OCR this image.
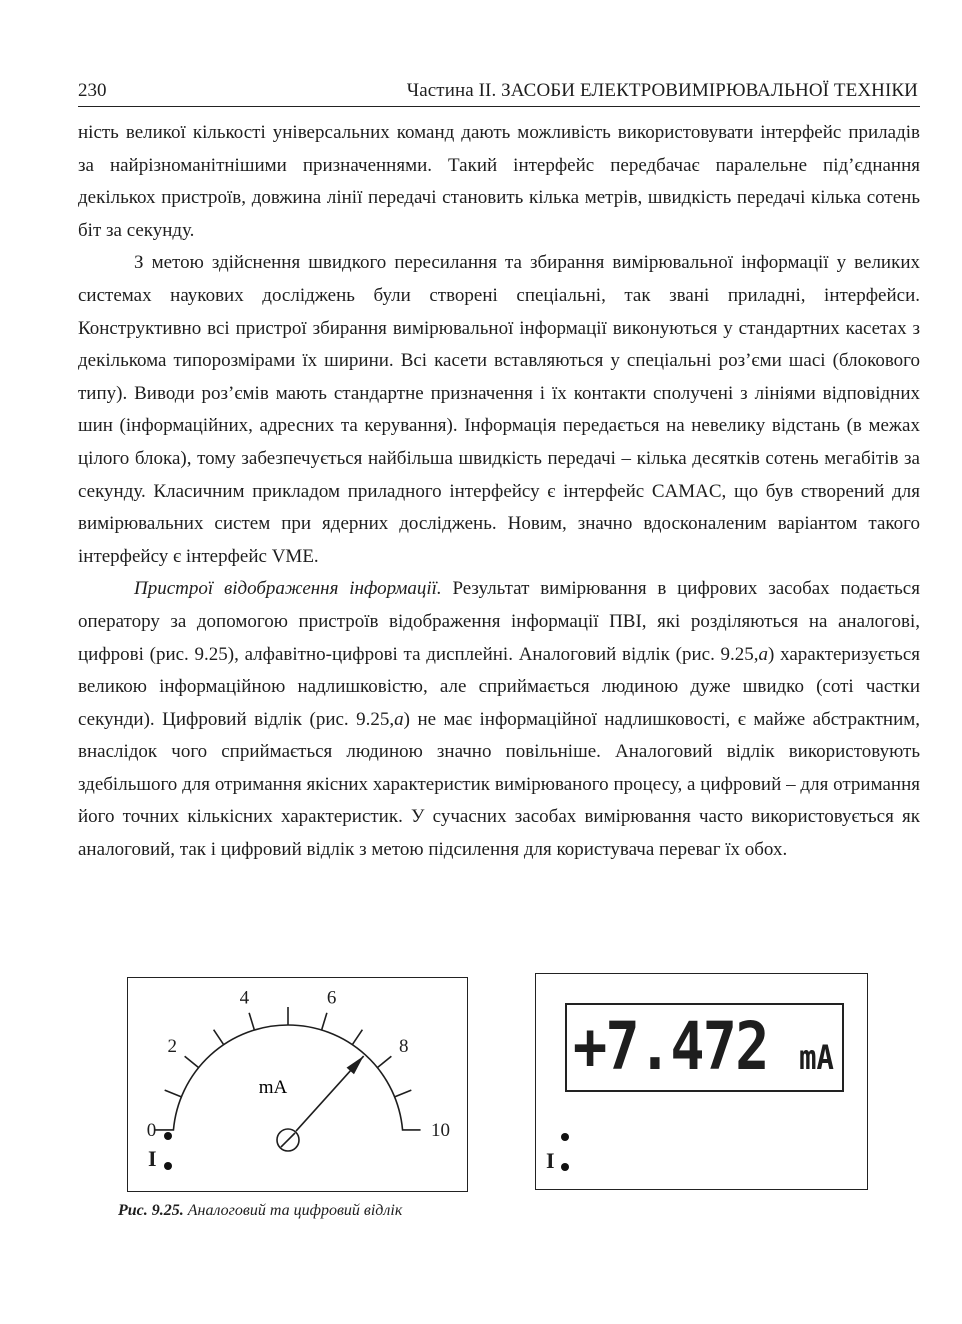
230	Частина II. ЗАСОБИ ЕЛЕКТРОВИМІРЮВАЛЬНОЇ ТЕХНІКИ

ність великої кількості універсальних команд дають можливість використовувати інтерфейс приладів за найрізноманітнішими призначеннями. Такий інтерфейс передбачає паралельне під’єднання декількох пристроїв, довжина лінії передачі становить кілька метрів, швидкість передачі кілька сотень біт за секунду.

З метою здійснення швидкого пересилання та збирання вимірювальної інформації у великих системах наукових досліджень були створені спеціальні, так звані приладні, інтерфейси. Конструктивно всі пристрої збирання вимірювальної інформації виконуються у стандартних касетах з декількома типорозмірами їх ширини. Всі касети вставляються у спеціальні роз’єми шасі (блокового типу). Виводи роз’ємів мають стандартне призначення і їх контакти сполучені з лініями відповідних шин (інформаційних, адресних та керування). Інформація передається на невелику відстань (в межах цілого блока), тому забезпечується найбільша швидкість передачі – кілька десятків сотень мегабітів за секунду. Класичним прикладом приладного інтерфейсу є інтерфейс CAMAC, що був створений для вимірювальних систем при ядерних досліджень. Новим, значно вдосконаленим варіантом такого інтерфейсу є інтерфейс VME.

Пристрої відображення інформації. Результат вимірювання в цифрових засобах подається оператору за допомогою пристроїв відображення інформації ПВІ, які розділяються на аналогові, цифрові (рис. 9.25), алфавітно-цифрові та дисплейні. Аналоговий відлік (рис. 9.25,а) характеризується великою інформаційною надлишковістю, але сприймається людиною дуже швидко (соті частки секунди). Цифровий відлік (рис. 9.25,а) не має інформаційної надлишковості, є майже абстрактним, внаслідок чого сприймається людиною значно повільніше. Аналоговий відлік використовують здебільшого для отримання якісних характеристик вимірюваного процесу, а цифровий – для отримання його точних кількісних характеристик. У сучасних засобах вимірювання часто використовується як аналоговий, так і цифровий відлік з метою підсилення для користувача переваг їх обох.

0
2
4	6
8
10
mA
I
+7.472 mA
I
Рис. 9.25. Аналоговий та цифровий відлік
